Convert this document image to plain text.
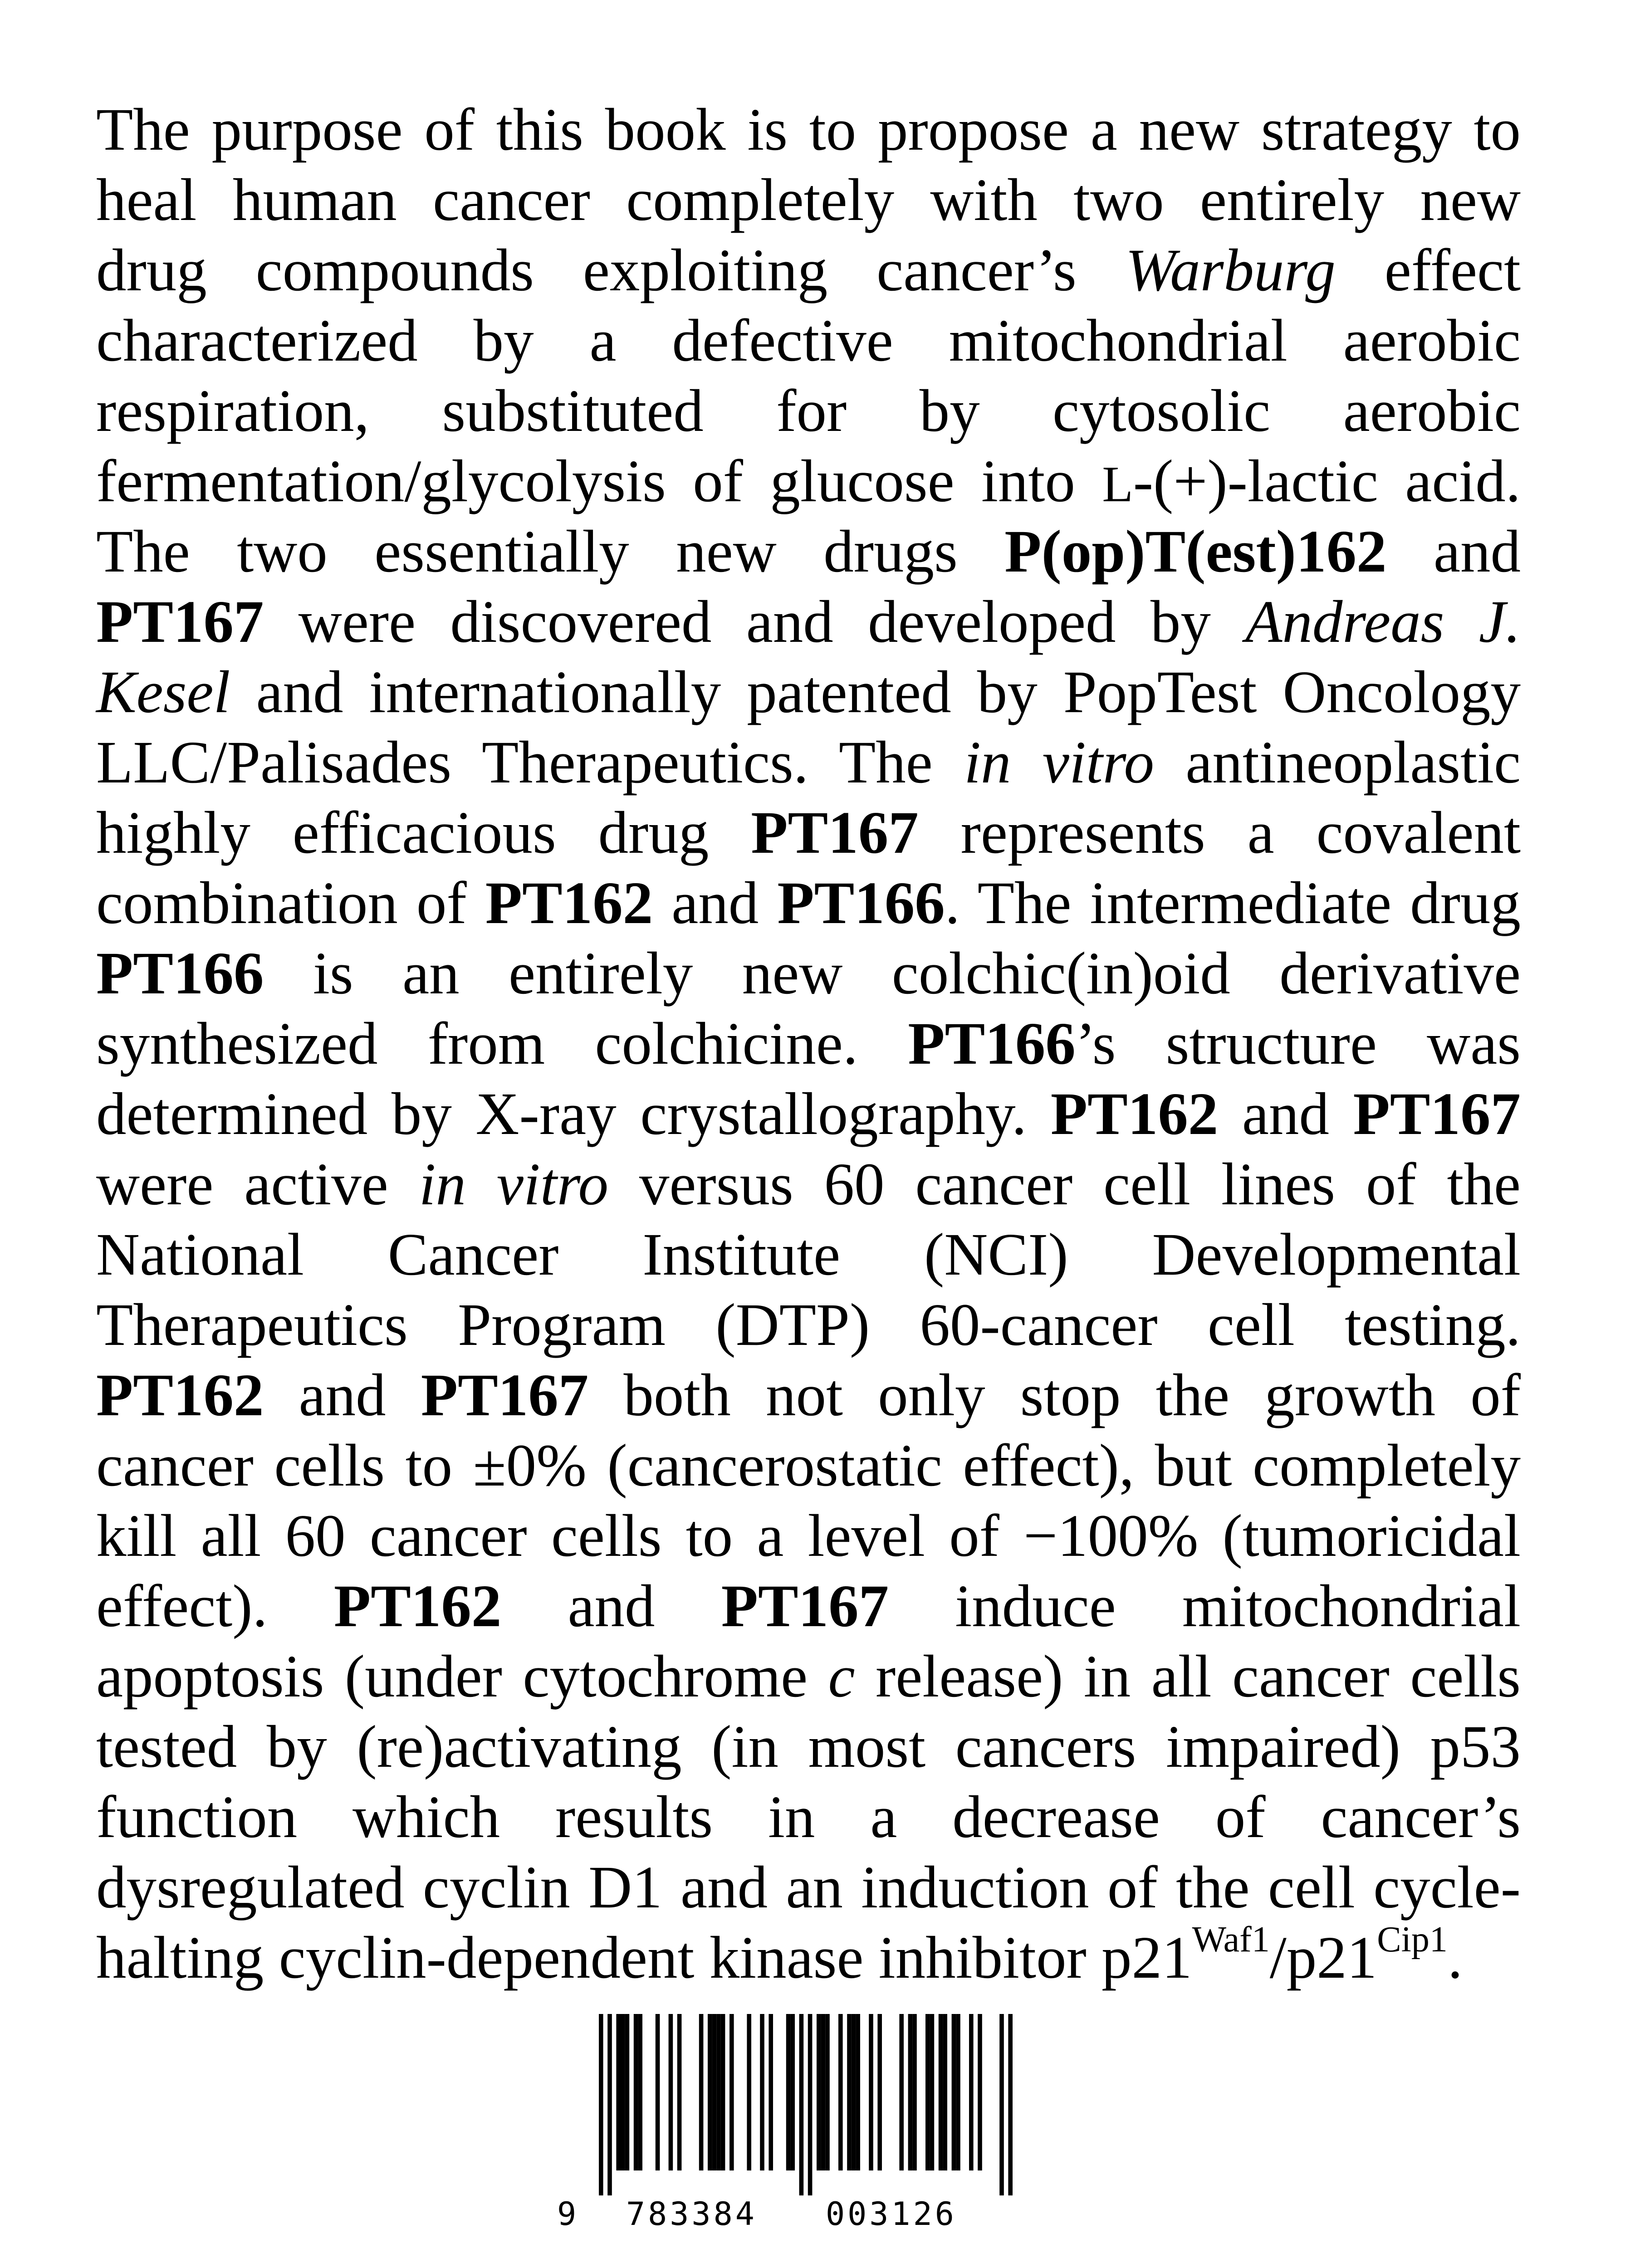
The purpose of this book is to propose a new strategy to
heal human cancer completely with two entirely new
drug compounds exploiting cancer’s Warburg effect
characterized by a defective mitochondrial aerobic
respiration, substituted for by cytosolic aerobic
fermentation/glycolysis of glucose into L-(+)-lactic acid.
The two essentially new drugs P(op)T(est)162 and
PT167 were discovered and developed by Andreas J.
Kesel and internationally patented by PopTest Oncology
LLC/Palisades Therapeutics. The in vitro antineoplastic
highly efficacious drug PT167 represents a covalent
combination of PT162 and PT166. The intermediate drug
PT166 is an entirely new colchic(in)oid derivative
synthesized from colchicine. PT166’s structure was
determined by X-ray crystallography. PT162 and PT167
were active in vitro versus 60 cancer cell lines of the
National Cancer Institute (NCI) Developmental
Therapeutics Program (DTP) 60-cancer cell testing.
PT162 and PT167 both not only stop the growth of
cancer cells to ±0% (cancerostatic effect), but completely
kill all 60 cancer cells to a level of −100% (tumoricidal
effect). PT162 and PT167 induce mitochondrial
apoptosis (under cytochrome c release) in all cancer cells
tested by (re)activating (in most cancers impaired) p53
function which results in a decrease of cancer’s
dysregulated cyclin D1 and an induction of the cell cycle-
halting cyclin-dependent kinase inhibitor $p21^{Waf1}/p21^{Cip1}$.
9 783384 003126
